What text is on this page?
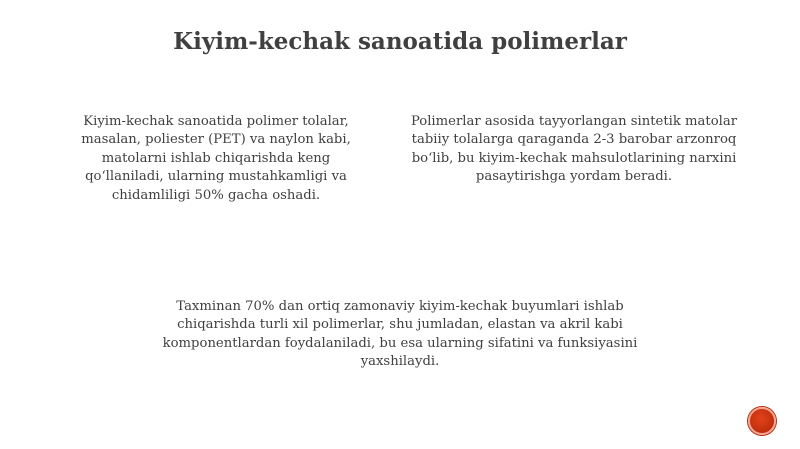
Kiyim-kechak sanoatida polimerlar
Kiyim-kechak sanoatida polimer tolalar, masalan, poliester (PET) va naylon kabi, matolarni ishlab chiqarishda keng qo‘llaniladi, ularning mustahkamligi va chidamliligi 50% gacha oshadi.
Polimerlar asosida tayyorlangan sintetik matolar tabiiy tolalarga qaraganda 2-3 barobar arzonroq bo‘lib, bu kiyim-kechak mahsulotlarining narxini pasaytirishga yordam beradi.
Taxminan 70% dan ortiq zamonaviy kiyim-kechak buyumlari ishlab chiqarishda turli xil polimerlar, shu jumladan, elastan va akril kabi komponentlardan foydalaniladi, bu esa ularning sifatini va funksiyasini yaxshilaydi.
